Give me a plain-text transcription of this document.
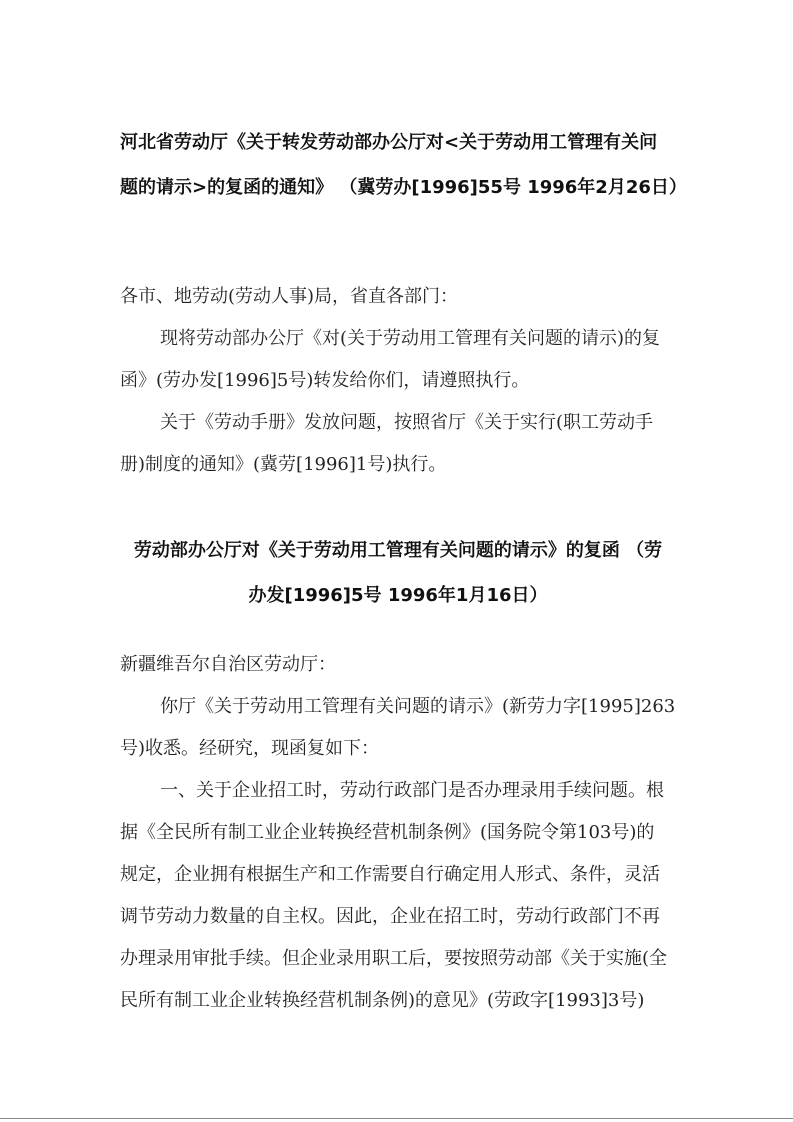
河北省劳动厅《关于转发劳动部办公厅对<关于劳动用工管理有关问
题的请示>的复函的通知》 （冀劳办[1996]55号 1996年2月26日）
各市、地劳动(劳动人事)局，省直各部门：
现将劳动部办公厅《对(关于劳动用工管理有关问题的请示)的复
函》(劳办发[1996]5号)转发给你们，请遵照执行。
关于《劳动手册》发放问题，按照省厅《关于实行(职工劳动手
册)制度的通知》(冀劳[1996]1号)执行。
劳动部办公厅对《关于劳动用工管理有关问题的请示》的复函 （劳
办发[1996]5号 1996年1月16日）
新疆维吾尔自治区劳动厅：
你厅《关于劳动用工管理有关问题的请示》(新劳力字[1995]263
号)收悉。经研究，现函复如下：
一、关于企业招工时，劳动行政部门是否办理录用手续问题。根
据《全民所有制工业企业转换经营机制条例》(国务院令第103号)的
规定，企业拥有根据生产和工作需要自行确定用人形式、条件，灵活
调节劳动力数量的自主权。因此，企业在招工时，劳动行政部门不再
办理录用审批手续。但企业录用职工后，要按照劳动部《关于实施(全
民所有制工业企业转换经营机制条例)的意见》(劳政字[1993]3号)
